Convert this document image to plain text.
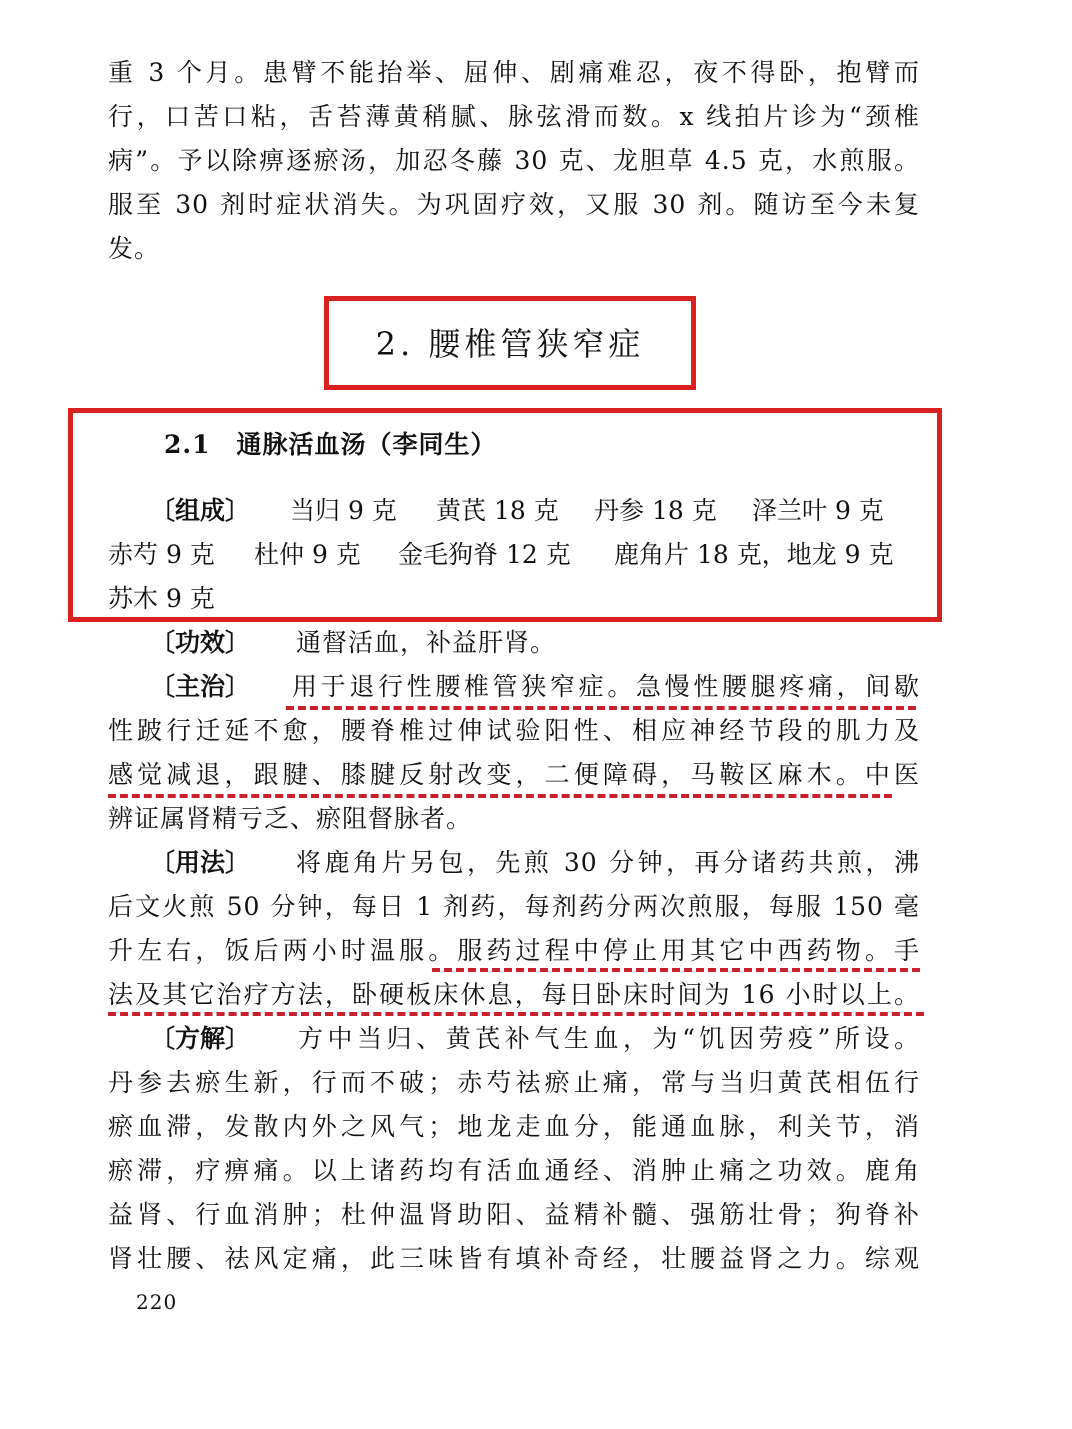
重 3 个月。患臂不能抬举、屈伸、剧痛难忍，夜不得卧，抱臂而
行，口苦口粘，舌苔薄黄稍腻、脉弦滑而数。x 线拍片诊为“颈椎
病”。予以除痹逐瘀汤，加忍冬藤 30 克、龙胆草 4.5 克，水煎服。
服至 30 剂时症状消失。为巩固疗效，又服 30 剂。随访至今未复
发。
2. 腰椎管狭窄症
2.1　通脉活血汤（李同生）
〔组成〕 当归 9 克 黄芪 18 克 丹参 18 克 泽兰叶 9 克
赤芍 9 克 杜仲 9 克 金毛狗脊 12 克 鹿角片 18 克，地龙 9 克
苏木 9 克
〔功效〕 通督活血，补益肝肾。
〔主治〕 用于退行性腰椎管狭窄症。急慢性腰腿疼痛，间歇
性跛行迁延不愈，腰脊椎过伸试验阳性、相应神经节段的肌力及
感觉减退，跟腱、膝腱反射改变，二便障碍，马鞍区麻木。中医
辨证属肾精亏乏、瘀阻督脉者。
〔用法〕 将鹿角片另包，先煎 30 分钟，再分诸药共煎，沸
后文火煎 50 分钟，每日 1 剂药，每剂药分两次煎服，每服 150 毫
升左右，饭后两小时温服。服药过程中停止用其它中西药物。手
法及其它治疗方法，卧硬板床休息，每日卧床时间为 16 小时以上。
〔方解〕 方中当归、黄芪补气生血，为“饥因劳疫”所设。
丹参去瘀生新，行而不破；赤芍祛瘀止痛，常与当归黄芪相伍行
瘀血滞，发散内外之风气；地龙走血分，能通血脉，利关节，消
瘀滞，疗痹痛。以上诸药均有活血通经、消肿止痛之功效。鹿角
益肾、行血消肿；杜仲温肾助阳、益精补髓、强筋壮骨；狗脊补
肾壮腰、祛风定痛，此三味皆有填补奇经，壮腰益肾之力。综观
220
